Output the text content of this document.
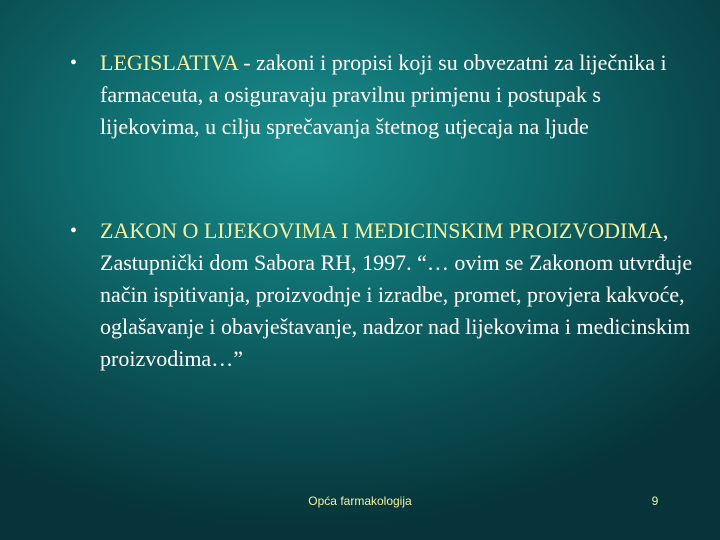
• LEGISLATIVA - zakoni i propisi koji su obvezatni za liječnika i farmaceuta, a osiguravaju pravilnu primjenu i postupak s lijekovima, u cilju sprečavanja štetnog utjecaja na ljude
• ZAKON O LIJEKOVIMA I MEDICINSKIM PROIZVODIMA, Zastupnički dom Sabora RH, 1997. “… ovim se Zakonom utvrđuje način ispitivanja, proizvodnje i izradbe, promet, provjera kakvoće, oglašavanje i obavještavanje, nadzor nad lijekovima i medicinskim proizvodima…”
Opća farmakologija	9
